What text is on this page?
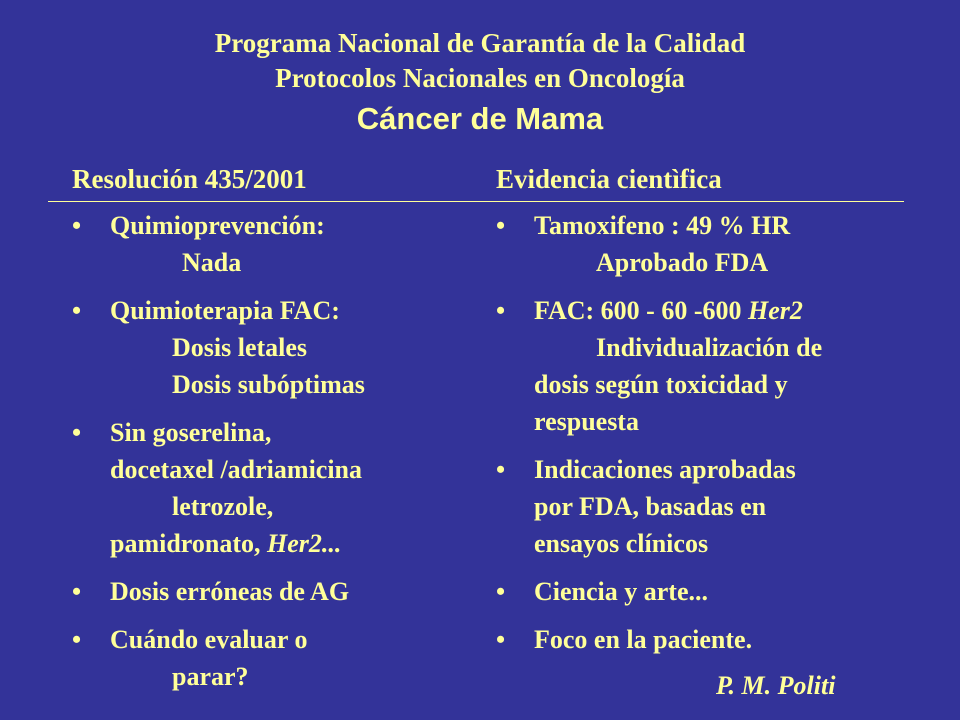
Programa Nacional de Garantía de la Calidad
Protocolos Nacionales en Oncología
Cáncer de Mama
Resolución 435/2001	Evidencia cientìfica
• Quimioprevención:
Nada
• Quimioterapia FAC:
Dosis letales
Dosis subóptimas
• Sin goserelina,
docetaxel /adriamicina
letrozole,
pamidronato, Her2...
• Dosis erróneas de AG
• Cuándo evaluar o
parar?
• Tamoxifeno : 49 % HR
Aprobado FDA
• FAC: 600 - 60 -600 Her2
Individualización de
dosis según toxicidad y
respuesta
• Indicaciones aprobadas
por FDA, basadas en
ensayos clínicos
• Ciencia y arte...
• Foco en la paciente.
P. M. Politi
